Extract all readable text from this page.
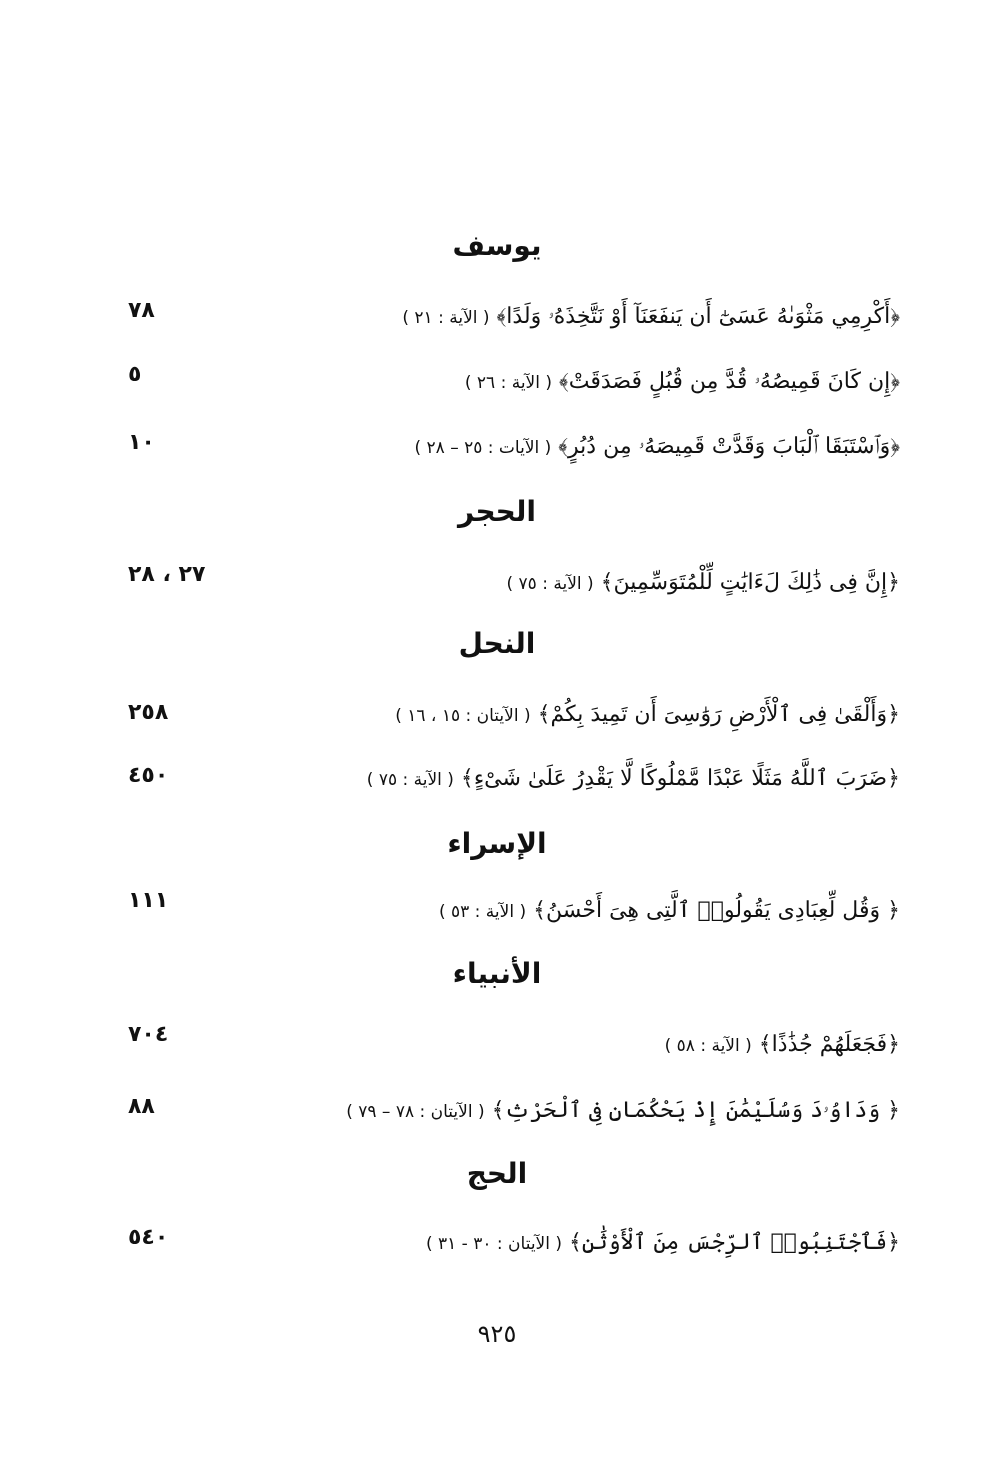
يوسف
﴿أَكْرِمِي مَثْوَىٰهُ عَسَىٰٓ أَن يَنفَعَنَآ أَوْ نَتَّخِذَهُۥ وَلَدًا﴾ ( الآية : ٢١ )
٧٨
﴿إِن كَانَ قَمِيصُهُۥ قُدَّ مِن قُبُلٍ فَصَدَقَتْ﴾ ( الآية : ٢٦ )
٥
﴿وَٱسْتَبَقَا ٱلْبَابَ وَقَدَّتْ قَمِيصَهُۥ مِن دُبُرٍ﴾ ( الآيات : ٢٥ – ٢٨ )
١٠
الحجر
﴿إِنَّ فِى ذَٰلِكَ لَءَايَٰتٍ لِّلْمُتَوَسِّمِينَ﴾ ( الآية : ٧٥ )
٢٧ ، ٢٨
النحل
﴿وَأَلْقَىٰ فِى ٱلْأَرْضِ رَوَٰسِىَ أَن تَمِيدَ بِكُمْ﴾ ( الآيتان : ١٥ ، ١٦ )
٢٥٨
﴿ضَرَبَ ٱللَّهُ مَثَلًا عَبْدًا مَّمْلُوكًا لَّا يَقْدِرُ عَلَىٰ شَىْءٍ﴾ ( الآية : ٧٥ )
٤٥٠
الإسراء
﴿ وَقُل لِّعِبَادِى يَقُولُوا۟ ٱلَّتِى هِىَ أَحْسَنُ﴾ ( الآية : ٥٣ )
١١١
الأنبياء
﴿فَجَعَلَهُمْ جُذَٰذًا﴾ ( الآية : ٥٨ )
٧٠٤
﴿ وَدَاوُۥدَ وَسُلَيْمَٰنَ إِذْ يَحْكُمَانِ فِى ٱلْحَرْثِ﴾ ( الآيتان : ٧٨ – ٧٩ )
٨٨
الحج
﴿فَٱجْتَنِبُوا۟ ٱلرِّجْسَ مِنَ ٱلْأَوْثَٰنِ﴾ ( الآيتان : ٣٠ - ٣١ )
٥٤٠
٩٢٥
